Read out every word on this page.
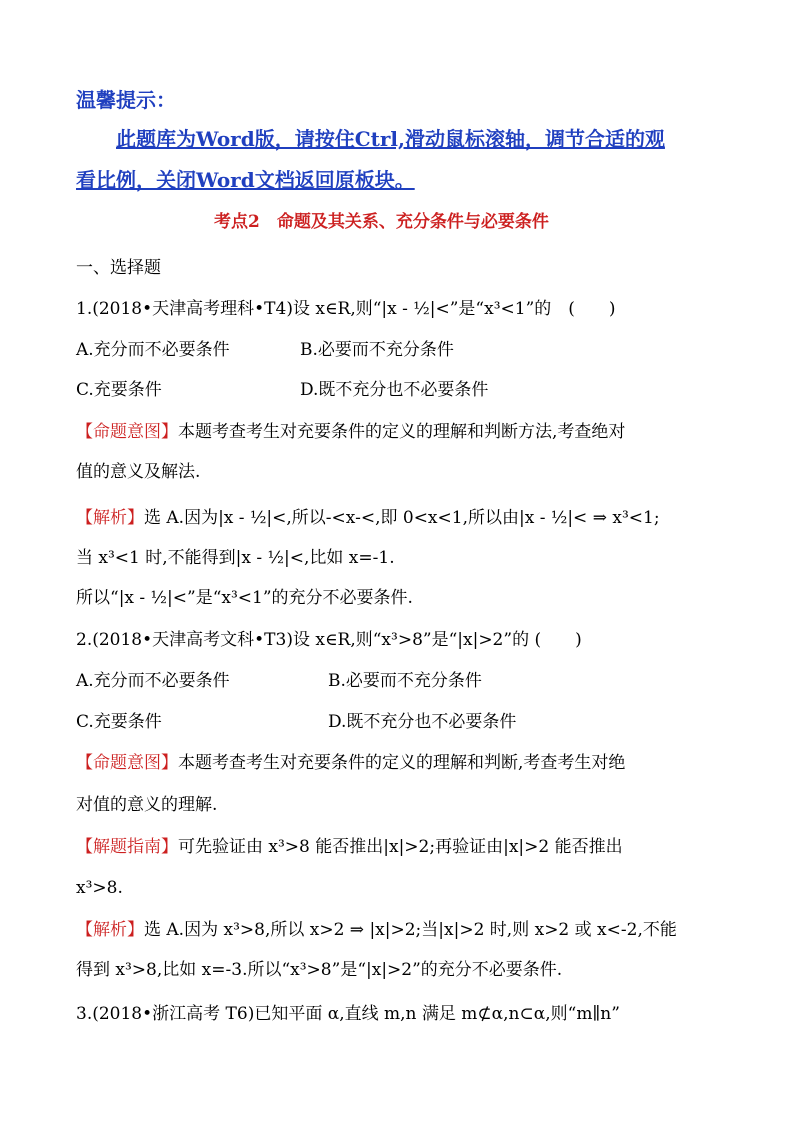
温馨提示：
此题库为Word版，请按住Ctrl,滑动鼠标滚轴，调节合适的观
看比例，关闭Word文档返回原板块。
考点2　命题及其关系、充分条件与必要条件
一、选择题
1.(2018•天津高考理科•T4)设 x∈R,则“|x - ½|<”是“x³<1”的　(　　)
A.充分而不必要条件	B.必要而不充分条件
C.充要条件	D.既不充分也不必要条件
【命题意图】本题考查考生对充要条件的定义的理解和判断方法,考查绝对
值的意义及解法.
【解析】选 A.因为|x - ½|<,所以-<x-<,即 0<x<1,所以由|x - ½|< ⇒ x³<1;
当 x³<1 时,不能得到|x - ½|<,比如 x=-1.
所以“|x - ½|<”是“x³<1”的充分不必要条件.
2.(2018•天津高考文科•T3)设 x∈R,则“x³>8”是“|x|>2”的 (　　)
A.充分而不必要条件	B.必要而不充分条件
C.充要条件	D.既不充分也不必要条件
【命题意图】本题考查考生对充要条件的定义的理解和判断,考查考生对绝
对值的意义的理解.
【解题指南】可先验证由 x³>8 能否推出|x|>2;再验证由|x|>2 能否推出
x³>8.
【解析】选 A.因为 x³>8,所以 x>2 ⇒ |x|>2;当|x|>2 时,则 x>2 或 x<-2,不能
得到 x³>8,比如 x=-3.所以“x³>8”是“|x|>2”的充分不必要条件.
3.(2018•浙江高考 T6)已知平面 α,直线 m,n 满足 m⊄α,n⊂α,则“m∥n”
